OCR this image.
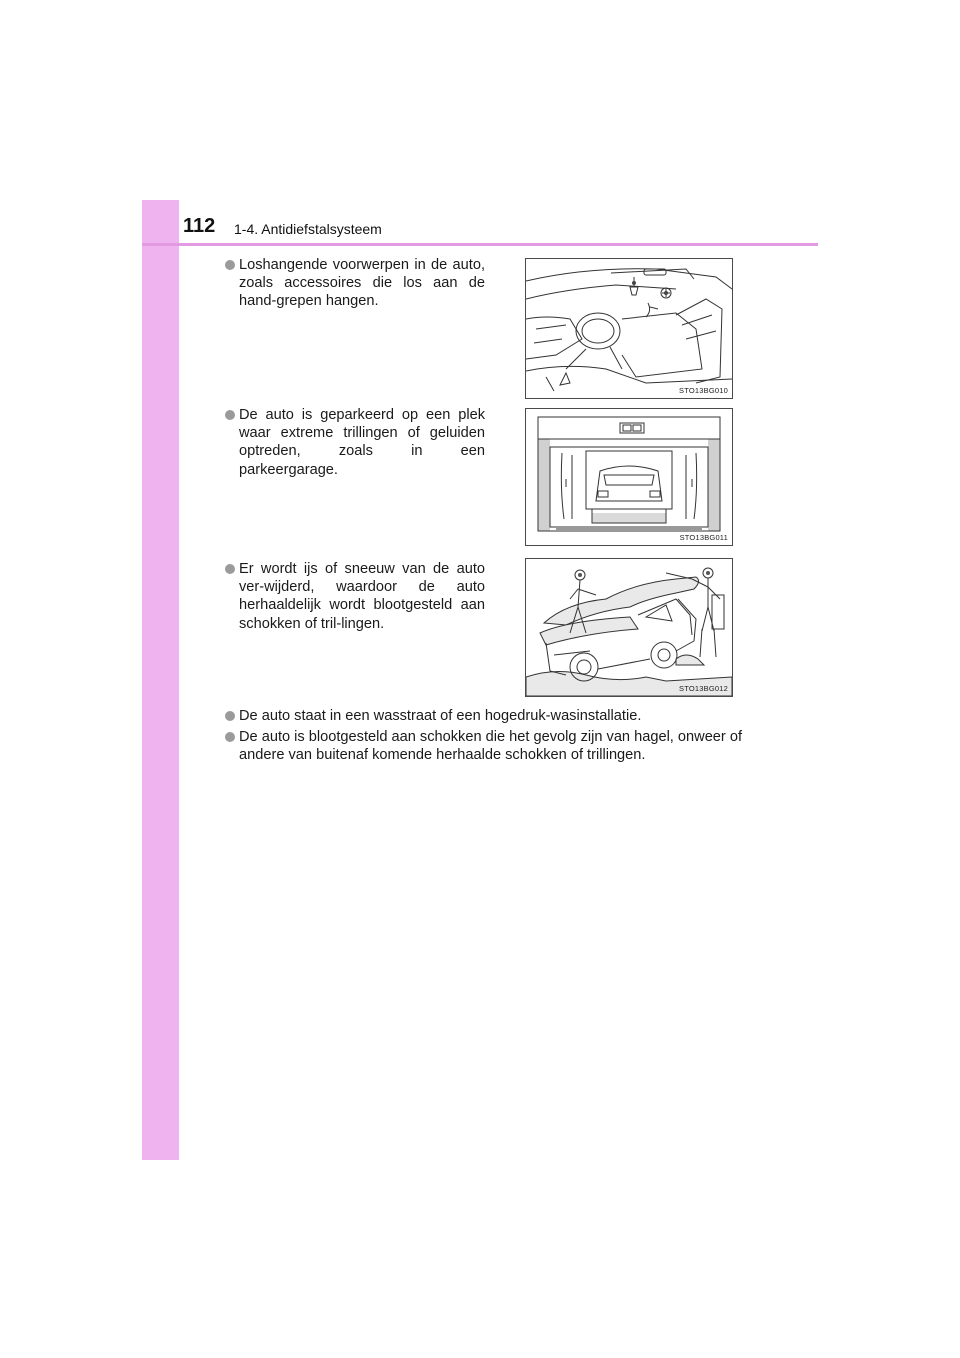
112 1-4. Antidiefstalsysteem
Loshangende voorwerpen in de auto, zoals accessoires die los aan de hand-grepen hangen.
STO13BG010
De auto is geparkeerd op een plek waar extreme trillingen of geluiden optreden, zoals in een parkeergarage.
STO13BG011
Er wordt ijs of sneeuw van de auto ver-wijderd, waardoor de auto herhaaldelijk wordt blootgesteld aan schokken of tril-lingen.
STO13BG012
De auto staat in een wasstraat of een hogedruk-wasinstallatie.
De auto is blootgesteld aan schokken die het gevolg zijn van hagel, onweer of andere van buitenaf komende herhaalde schokken of trillingen.
